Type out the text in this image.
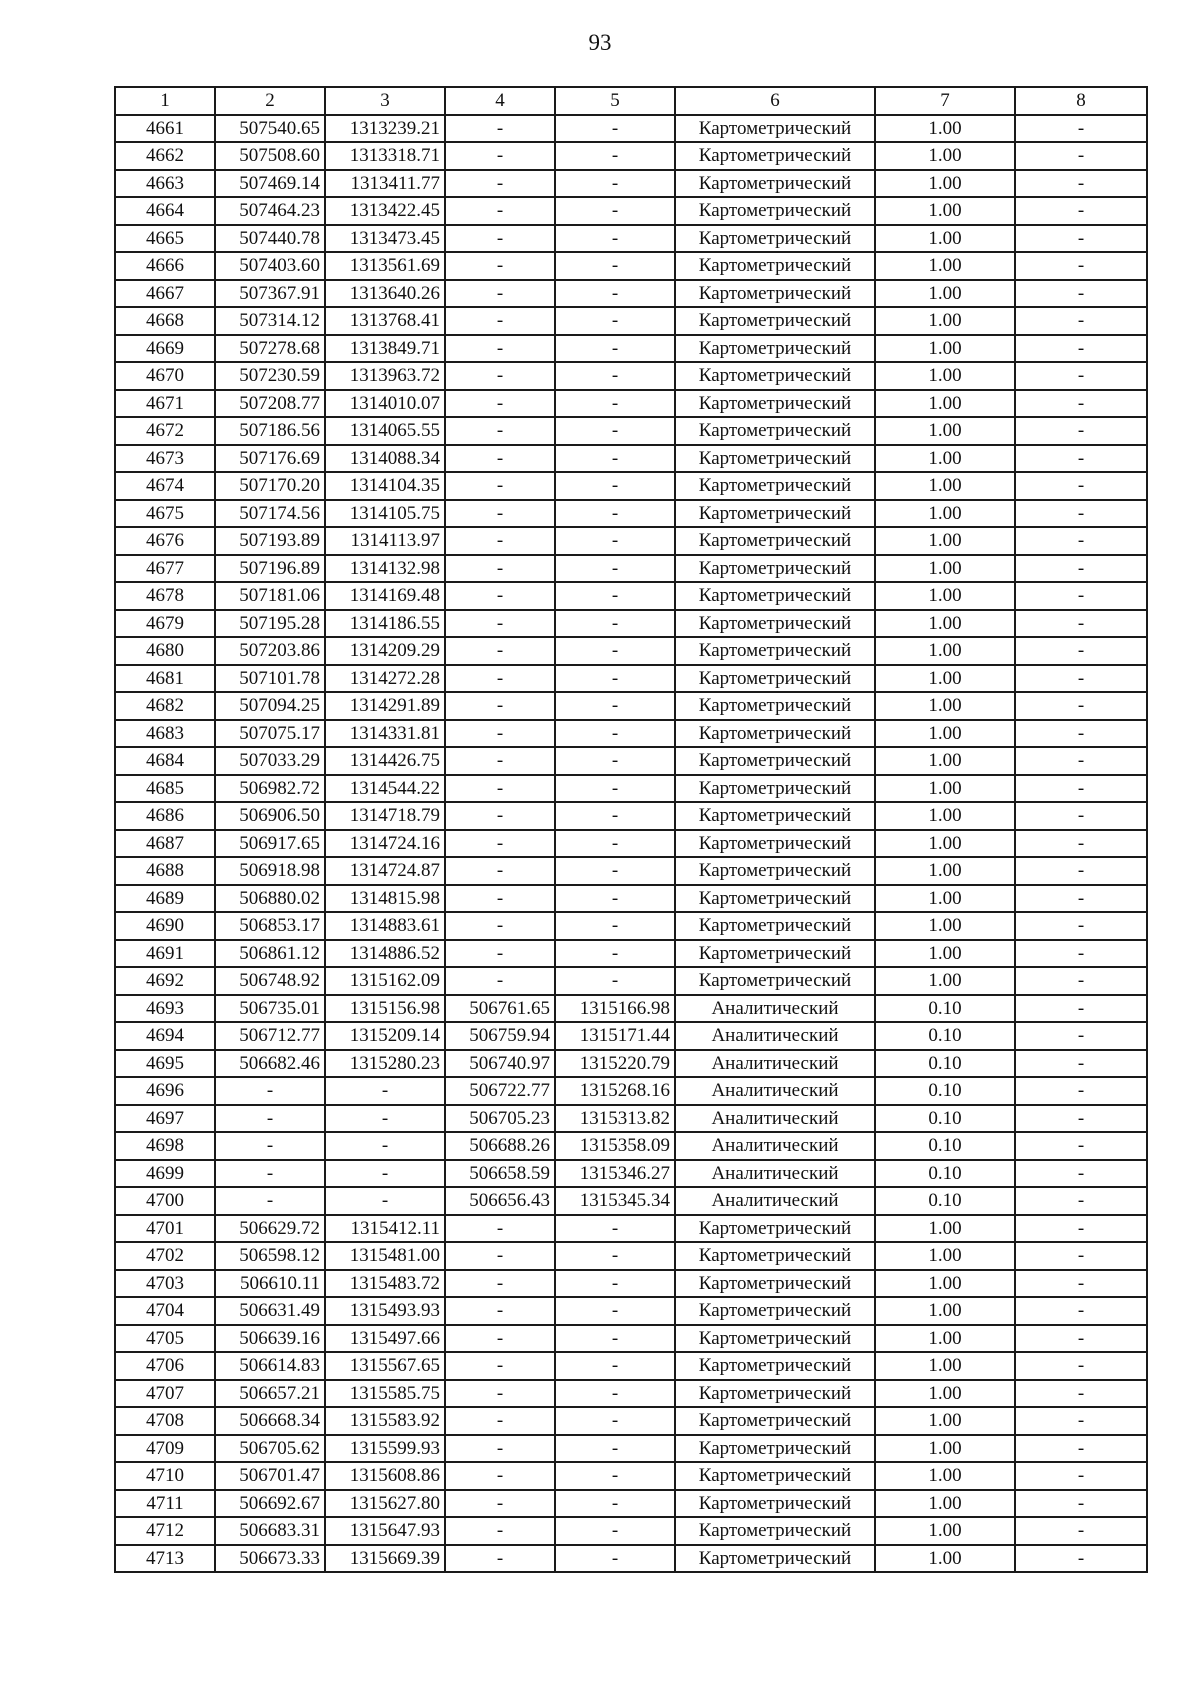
93
1	2	3	4	5	6	7	8
4661	507540.65	1313239.21	-	-	Картометрический	1.00	-
4662	507508.60	1313318.71	-	-	Картометрический	1.00	-
4663	507469.14	1313411.77	-	-	Картометрический	1.00	-
4664	507464.23	1313422.45	-	-	Картометрический	1.00	-
4665	507440.78	1313473.45	-	-	Картометрический	1.00	-
4666	507403.60	1313561.69	-	-	Картометрический	1.00	-
4667	507367.91	1313640.26	-	-	Картометрический	1.00	-
4668	507314.12	1313768.41	-	-	Картометрический	1.00	-
4669	507278.68	1313849.71	-	-	Картометрический	1.00	-
4670	507230.59	1313963.72	-	-	Картометрический	1.00	-
4671	507208.77	1314010.07	-	-	Картометрический	1.00	-
4672	507186.56	1314065.55	-	-	Картометрический	1.00	-
4673	507176.69	1314088.34	-	-	Картометрический	1.00	-
4674	507170.20	1314104.35	-	-	Картометрический	1.00	-
4675	507174.56	1314105.75	-	-	Картометрический	1.00	-
4676	507193.89	1314113.97	-	-	Картометрический	1.00	-
4677	507196.89	1314132.98	-	-	Картометрический	1.00	-
4678	507181.06	1314169.48	-	-	Картометрический	1.00	-
4679	507195.28	1314186.55	-	-	Картометрический	1.00	-
4680	507203.86	1314209.29	-	-	Картометрический	1.00	-
4681	507101.78	1314272.28	-	-	Картометрический	1.00	-
4682	507094.25	1314291.89	-	-	Картометрический	1.00	-
4683	507075.17	1314331.81	-	-	Картометрический	1.00	-
4684	507033.29	1314426.75	-	-	Картометрический	1.00	-
4685	506982.72	1314544.22	-	-	Картометрический	1.00	-
4686	506906.50	1314718.79	-	-	Картометрический	1.00	-
4687	506917.65	1314724.16	-	-	Картометрический	1.00	-
4688	506918.98	1314724.87	-	-	Картометрический	1.00	-
4689	506880.02	1314815.98	-	-	Картометрический	1.00	-
4690	506853.17	1314883.61	-	-	Картометрический	1.00	-
4691	506861.12	1314886.52	-	-	Картометрический	1.00	-
4692	506748.92	1315162.09	-	-	Картометрический	1.00	-
4693	506735.01	1315156.98	506761.65	1315166.98	Аналитический	0.10	-
4694	506712.77	1315209.14	506759.94	1315171.44	Аналитический	0.10	-
4695	506682.46	1315280.23	506740.97	1315220.79	Аналитический	0.10	-
4696	-	-	506722.77	1315268.16	Аналитический	0.10	-
4697	-	-	506705.23	1315313.82	Аналитический	0.10	-
4698	-	-	506688.26	1315358.09	Аналитический	0.10	-
4699	-	-	506658.59	1315346.27	Аналитический	0.10	-
4700	-	-	506656.43	1315345.34	Аналитический	0.10	-
4701	506629.72	1315412.11	-	-	Картометрический	1.00	-
4702	506598.12	1315481.00	-	-	Картометрический	1.00	-
4703	506610.11	1315483.72	-	-	Картометрический	1.00	-
4704	506631.49	1315493.93	-	-	Картометрический	1.00	-
4705	506639.16	1315497.66	-	-	Картометрический	1.00	-
4706	506614.83	1315567.65	-	-	Картометрический	1.00	-
4707	506657.21	1315585.75	-	-	Картометрический	1.00	-
4708	506668.34	1315583.92	-	-	Картометрический	1.00	-
4709	506705.62	1315599.93	-	-	Картометрический	1.00	-
4710	506701.47	1315608.86	-	-	Картометрический	1.00	-
4711	506692.67	1315627.80	-	-	Картометрический	1.00	-
4712	506683.31	1315647.93	-	-	Картометрический	1.00	-
4713	506673.33	1315669.39	-	-	Картометрический	1.00	-
